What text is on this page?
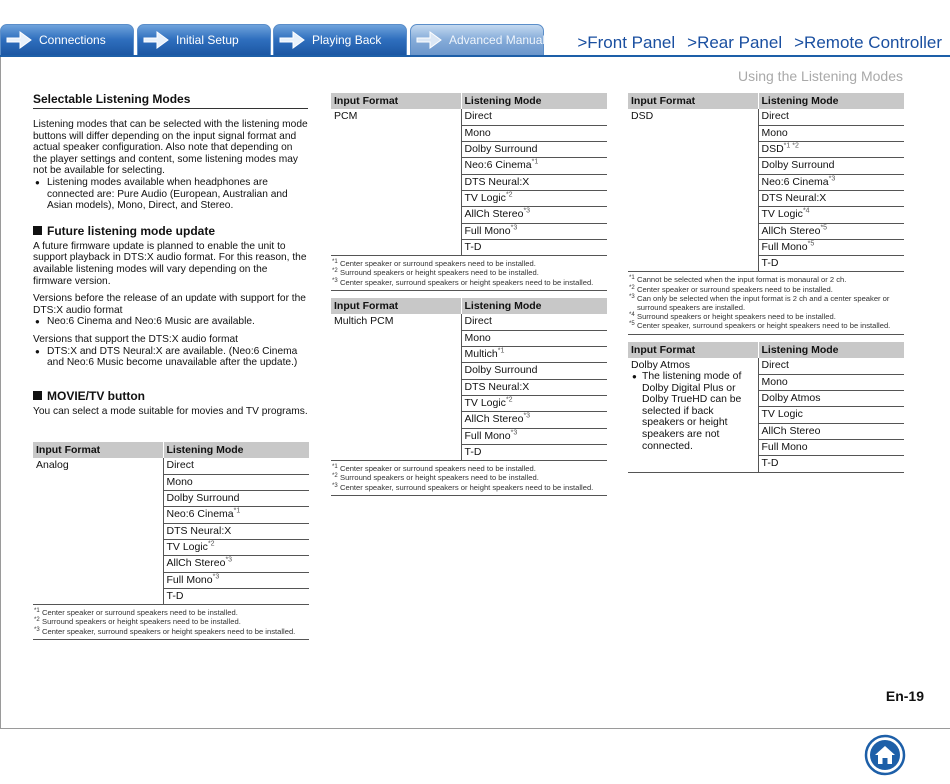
Connections	Initial Setup	Playing Back	Advanced Manual >Front Panel >Rear Panel >Remote Controller
Using the Listening Modes
Selectable Listening Modes

Listening modes that can be selected with the listening mode buttons will differ depending on the input signal format and actual speaker configuration. Also note that depending on the player settings and content, some listening modes may not be available for selecting.

● Listening modes available when headphones are connected are: Pure Audio (European, Australian and Asian models), Mono, Direct, and Stereo.
Future listening mode update

A future firmware update is planned to enable the unit to support playback in DTS:X audio format. For this reason, the available listening modes will vary depending on the firmware version.

Versions before the release of an update with support for the DTS:X audio format

● Neo:6 Cinema and Neo:6 Music are available.

Versions that support the DTS:X audio format

● DTS:X and DTS Neural:X are available. (Neo:6 Cinema and Neo:6 Music become unavailable after the update.)
MOVIE/TV button

You can select a mode suitable for movies and TV programs.

Input Format	Listening Mode

Analog	Direct
	Mono
	Dolby Surround
	Neo:6 Cinema$^{*1}$
	DTS Neural:X
	TV Logic$^{*2}$
	AllCh Stereo$^{*3}$
	Full Mono$^{*3}$
	T-D
*1 Center speaker or surround speakers need to be installed.
*2 Surround speakers or height speakers need to be installed.
*3 Center speaker, surround speakers or height speakers need to be installed.
Input Format	Listening Mode

PCM	Direct
	Mono
	Dolby Surround
	Neo:6 Cinema$^{*1}$
	DTS Neural:X
	TV Logic$^{*2}$
	AllCh Stereo$^{*3}$
	Full Mono$^{*3}$
	T-D
*1 Center speaker or surround speakers need to be installed.
*2 Surround speakers or height speakers need to be installed.
*3 Center speaker, surround speakers or height speakers need to be installed.
Input Format	Listening Mode

Multich PCM	Direct
	Mono
	Multich$^{*1}$
	Dolby Surround
	DTS Neural:X
	TV Logic$^{*2}$
	AllCh Stereo$^{*3}$
	Full Mono$^{*3}$
	T-D
*1 Center speaker or surround speakers need to be installed.
*2 Surround speakers or height speakers need to be installed.
*3 Center speaker, surround speakers or height speakers need to be installed.
Input Format	Listening Mode

DSD	Direct
	Mono
	$DSD^{*1 *2}$
	Dolby Surround
	Neo:6 Cinema$^{*3}$
	DTS Neural:X
	TV Logic$^{*4}$
	AllCh Stereo$^{*5}$
	Full Mono$^{*5}$
	T-D
*1 Cannot be selected when the input format is monaural or 2 ch.
*2 Center speaker or surround speakers need to be installed.
*3 Can only be selected when the input format is 2 ch and a center speaker or surround speakers are installed.
*4 Surround speakers or height speakers need to be installed.
*5 Center speaker, surround speakers or height speakers need to be installed.
Input Format	Listening Mode

Dolby Atmos
● The listening mode of Dolby Digital Plus or Dolby TrueHD can be selected if back speakers or height speakers are not connected.	Direct
	Mono
	Dolby Atmos
	TV Logic
	AllCh Stereo
	Full Mono
	T-D
En-19
